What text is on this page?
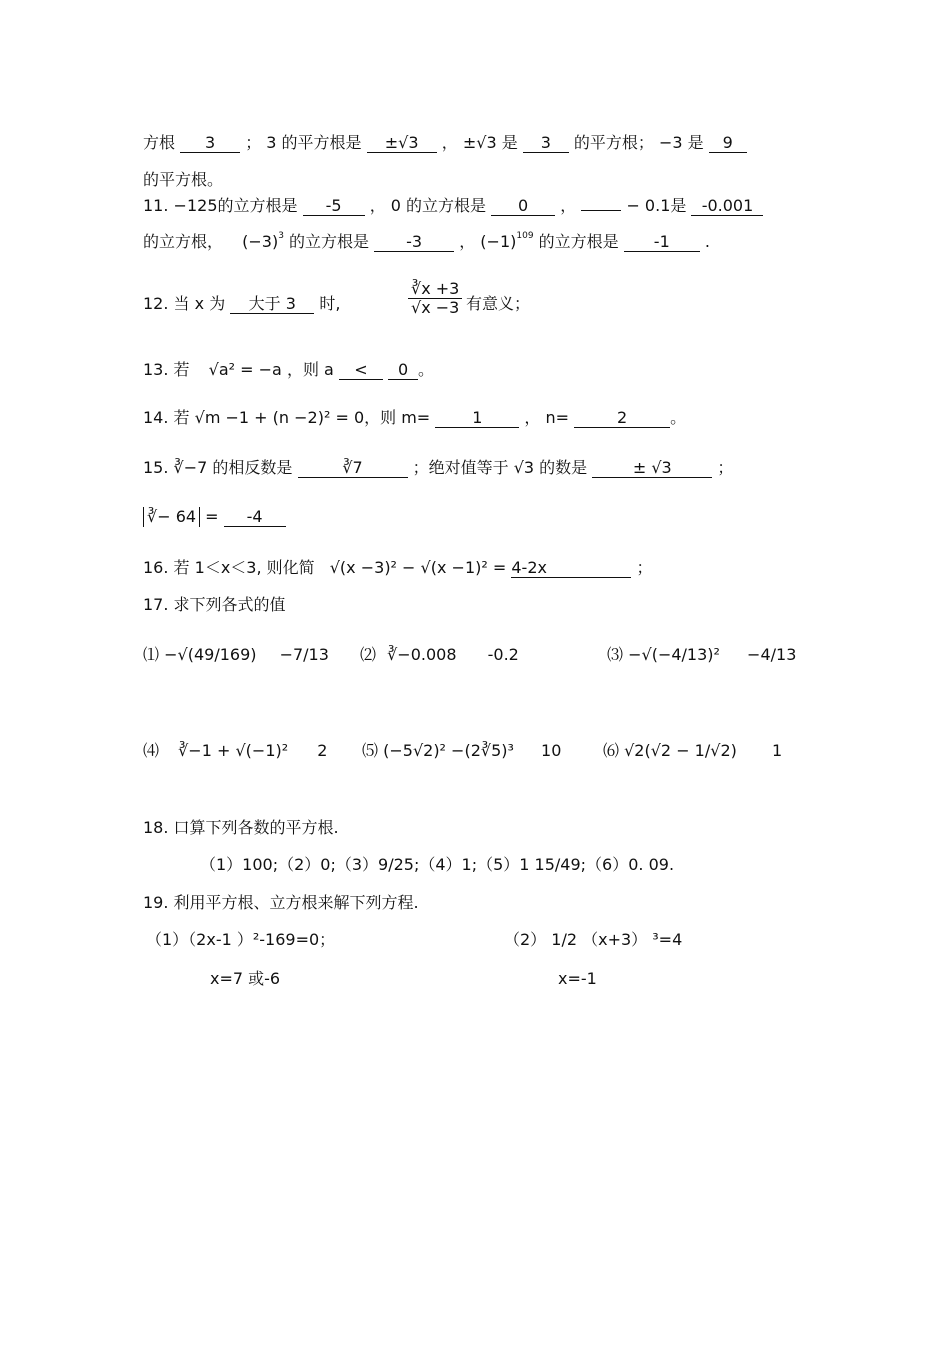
方根 3 ； 3 的平方根是 ±√3 ， ±√3 是 3 的平方根； −3 是 9
的平方根。
11. −125的立方根是 -5 ， 0 的立方根是 0 ，	− 0.1是 -0.001
的立方根， $(-3)^3$ 的立方根是 -3 ， $(-1)^{109}$ 的立方根是 -1 .
12. 当 x 为 大于 3 时,	$\frac{∛x +3}{√x -3}$ 有意义；
13. 若 √a² = −a ，则 a < 0 。
14. 若 √m −1 + (n −2)² = 0，则 m=	1	， n=	2	。
15. ∛−7 的相反数是	∛7	；绝对值等于 √3 的数是	± √3	；
∛− 64 = -4
16. 若 1＜x＜3, 则化简 √(x −3)² − √(x −1)² = 4-2x	；
17. 求下列各式的值
⑴ −√(49/169) −7/13 ⑵ ∛−0.008 -0.2	⑶ −√(−4/13)² −4/13
⑷ ∛−1 + √(−1)² 2 ⑸ (−5√2)² −(2∛5)³ 10	⑹ √2(√2 − 1/√2) 1
18. 口算下列各数的平方根.
（1）100;（2）0;（3）9/25;（4）1;（5）1 15/49;（6）0. 09.
19. 利用平方根、立方根来解下列方程.
（1）（2x-1 ）²-169=0；	（2） 1/2 （x+3） ³=4
x=7 或-6	x=-1
